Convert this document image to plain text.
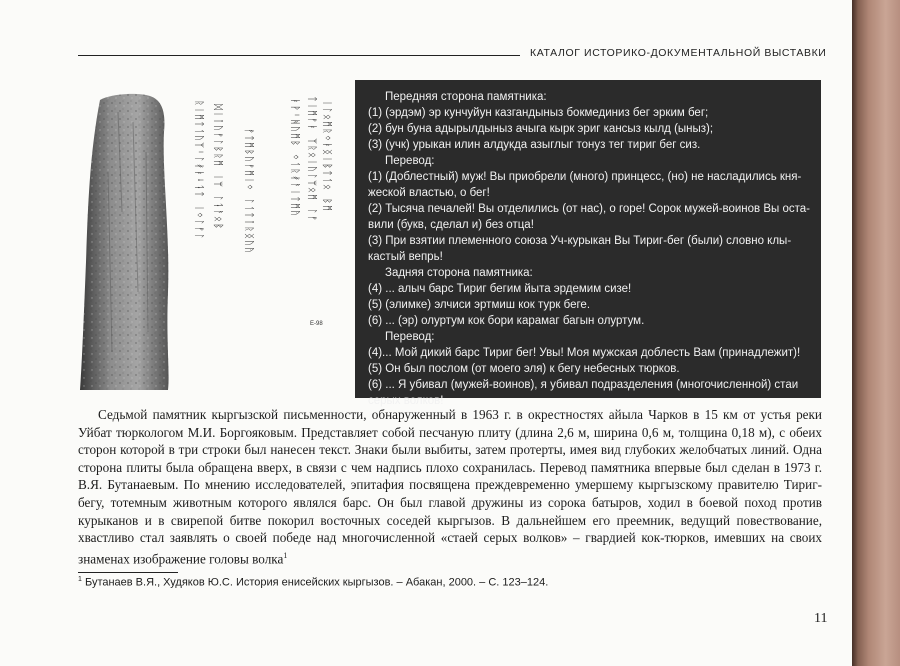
КАТАЛОГ ИСТОРИКО-ДОКУМЕНТАЛЬНОЙ ВЫСТАВКИ
ᚱᛁᛗᛏᛐᚢᛉᛌᛚᚯᛓᛍᛑᛏ ᛁᛜᛚᚠᛚ ᛞᛁᛙᚢᚠᛚᛒᚱᛗ ᛁᛘ ᛚᛑᚨᛟᛔ ᚡᛏᛗᛒᚢᚠᛗᛁᛜ ᛚᛐᛏᛙᚱᛝᚢᚤ	ᛓᚹᛌᚻᚢᛗᛒ ᛜᛐᚱᚯᚨᛁᛏᛗᚤ ᛏᛁᛗᚠᛓ ᛉᚱᛟᛁᚢᛚᛘᛟᛗ ᛚᚠ ᛁᛚᛟᛗᚱᛜᛓᛝᛁᛔᛏᛐᛟ ᛒᛗ
Е-98

Передняя сторона памятника:

(1) (эрдэм) эр кунчуйун казгандыныз бокмединиз бег эрким бег;

(2) бун буна адырылдыныз ачыга кырк эриг кансыз кылд (ыныз);

(3) (учк) урыкан илин алдукда азыглыг тонуз тег тириг бег сиз.

Перевод:

(1) (Доблестный) муж! Вы приобрели (много) принцесс, (но) не насладились кня-

жеской властью, о бег!

(2) Тысяча печалей! Вы отделились (от нас), о горе! Сорок мужей-воинов Вы оста-

вили (букв, сделал и) без отца!

(3) При взятии племенного союза Уч-курыкан Вы Тириг-бег (были) словно клы-

кастый вепрь!

Задняя сторона памятника:

(4) ... алыч барс Тириг бегим йыта эрдемим сизе!

(5) (элимке) элчиси эртмиш кок турк беге.

(6) ... (эр) олуртум кок бори карамаг багын олуртум.

Перевод:

(4)... Мой дикий барс Тириг бег! Увы! Моя мужская доблесть Вам (принадлежит)!

(5) Он был послом (от моего эля) к бегу небесных тюрков.

(6) ... Я убивал (мужей-воинов), я убивал подразделения (многочисленной) стаи

серых волков!

Седьмой памятник кыргызской письменности, обнаруженный в 1963 г. в окрестностях айыла Чарков в 15 км от устья реки Уйбат тюркологом М.И. Боргояковым. Представляет собой песчаную плиту (длина 2,6 м, ширина 0,6 м, толщина 0,18 м), с обеих сторон которой в три строки был нанесен текст. Знаки были выбиты, затем протерты, имея вид глубоких желобчатых линий. Одна сторона плиты была обращена вверх, в связи с чем надпись плохо сохранилась. Перевод памятника впервые был сделан в 1973 г. В.Я. Бутанаевым. По мнению исследователей, эпитафия посвящена преждевременно умершему кыргызскому правителю Тириг-бегу, тотемным животным которого являлся барс. Он был главой дружины из сорока батыров, ходил в боевой поход против курыканов и в свирепой битве покорил восточных соседей кыргызов. В дальнейшем его преемник, ведущий повествование, хвастливо стал заявлять о своей победе над многочисленной «стаей серых волков» – гвардией кок-тюрков, имевших на своих знаменах изображение головы волка$^1$

$^1$ Бутанаев В.Я., Худяков Ю.С. История енисейских кыргызов. – Абакан, 2000. – С. 123–124.
11
